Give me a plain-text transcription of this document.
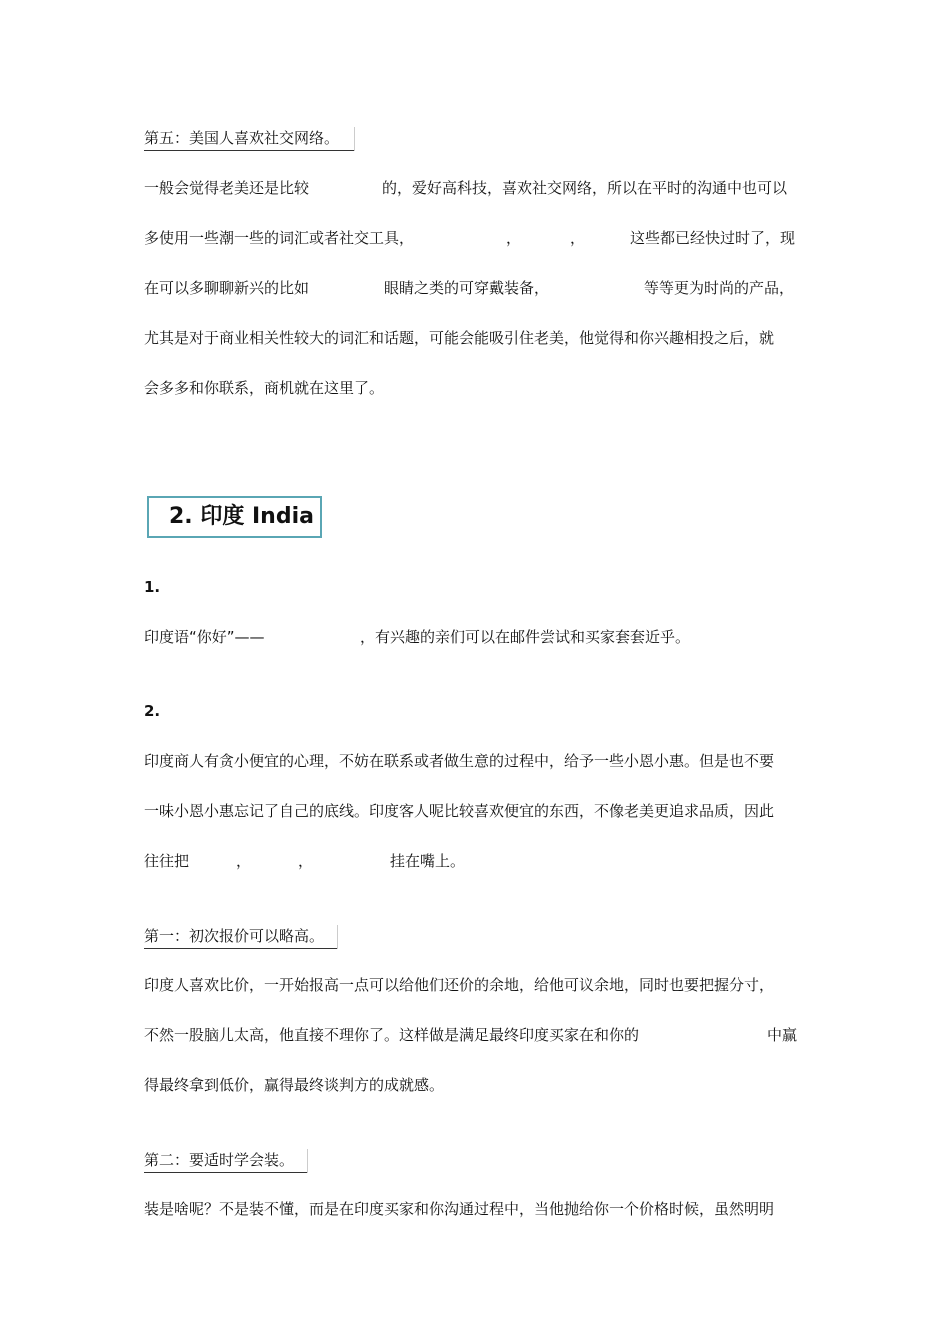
第五：美国人喜欢社交网络。
一般会觉得老美还是比较	的，爱好高科技，喜欢社交网络，所以在平时的沟通中也可以
多使用一些潮一些的词汇或者社交工具，	，	，	这些都已经快过时了，现
在可以多聊聊新兴的比如	眼睛之类的可穿戴装备，	等等更为时尚的产品，
尤其是对于商业相关性较大的词汇和话题，可能会能吸引住老美，他觉得和你兴趣相投之后，就
会多多和你联系，商机就在这里了。
2. 印度 India
1.
印度语“你好”——	，有兴趣的亲们可以在邮件尝试和买家套套近乎。
2.
印度商人有贪小便宜的心理，不妨在联系或者做生意的过程中，给予一些小恩小惠。但是也不要
一味小恩小惠忘记了自己的底线。印度客人呢比较喜欢便宜的东西，不像老美更追求品质，因此
往往把	，	，	挂在嘴上。
第一：初次报价可以略高。
印度人喜欢比价，一开始报高一点可以给他们还价的余地，给他可议余地，同时也要把握分寸，
不然一股脑儿太高，他直接不理你了。这样做是满足最终印度买家在和你的	中赢
得最终拿到低价，赢得最终谈判方的成就感。
第二：要适时学会装。
装是啥呢？不是装不懂，而是在印度买家和你沟通过程中，当他抛给你一个价格时候，虽然明明
